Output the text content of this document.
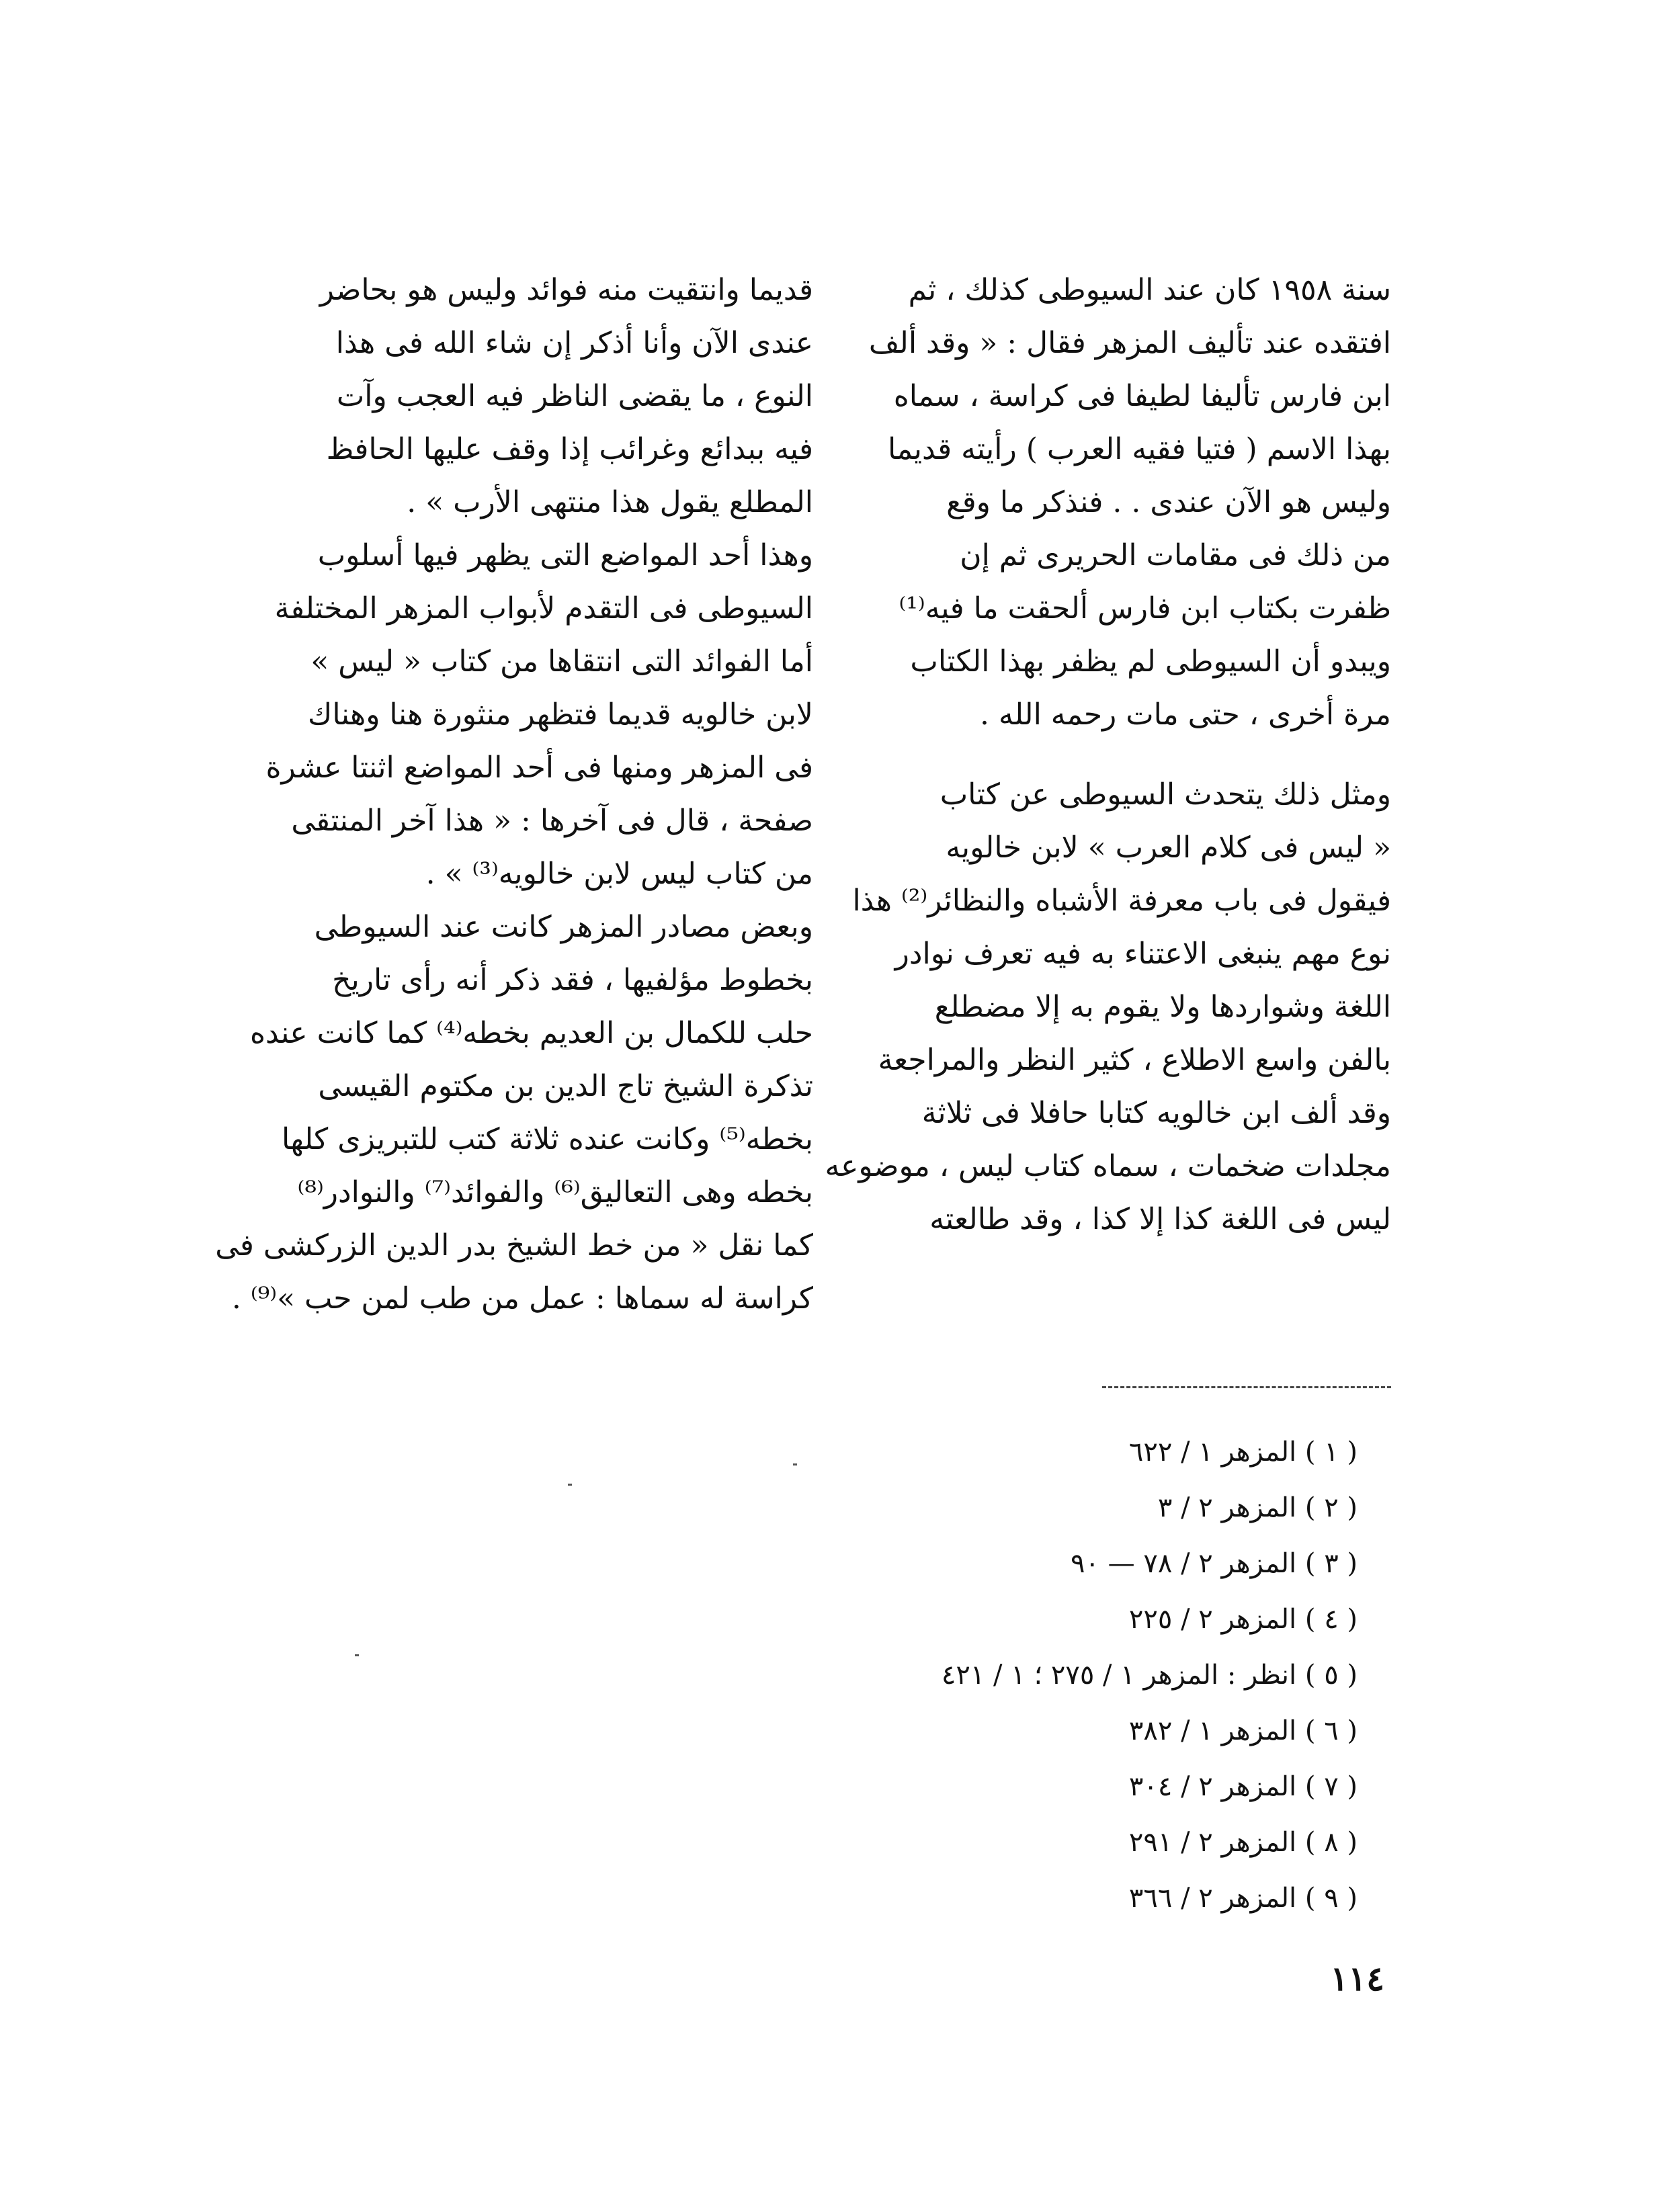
سنة ١٩٥٨ كان عند السيوطى كذلك ، ثم
افتقده عند تأليف المزهر فقال : « وقد ألف
ابن فارس تأليفا لطيفا فى كراسة ، سماه
بهذا الاسم ( فتيا فقيه العرب ) رأيته قديما
وليس هو الآن عندى . . فنذكر ما وقع
من ذلك فى مقامات الحريرى ثم إن
ظفرت بكتاب ابن فارس ألحقت ما فيه⁽¹⁾
ويبدو أن السيوطى لم يظفر بهذا الكتاب
مرة أخرى ، حتى مات رحمه الله .
ومثل ذلك يتحدث السيوطى عن كتاب
« ليس فى كلام العرب » لابن خالويه
فيقول فى باب معرفة الأشباه والنظائر⁽²⁾ هذا
نوع مهم ينبغى الاعتناء به فيه تعرف نوادر
اللغة وشواردها ولا يقوم به إلا مضطلع
بالفن واسع الاطلاع ، كثير النظر والمراجعة
وقد ألف ابن خالويه كتابا حافلا فى ثلاثة
مجلدات ضخمات ، سماه كتاب ليس ، موضوعه
ليس فى اللغة كذا إلا كذا ، وقد طالعته
قديما وانتقيت منه فوائد وليس هو بحاضر
عندى الآن وأنا أذكر إن شاء الله فى هذا
النوع ، ما يقضى الناظر فيه العجب وآت
فيه ببدائع وغرائب إذا وقف عليها الحافظ
المطلع يقول هذا منتهى الأرب » .
وهذا أحد المواضع التى يظهر فيها أسلوب
السيوطى فى التقدم لأبواب المزهر المختلفة
أما الفوائد التى انتقاها من كتاب « ليس »
لابن خالويه قديما فتظهر منثورة هنا وهناك
فى المزهر ومنها فى أحد المواضع اثنتا عشرة
صفحة ، قال فى آخرها : « هذا آخر المنتقى
من كتاب ليس لابن خالويه⁽³⁾ » .
وبعض مصادر المزهر كانت عند السيوطى
بخطوط مؤلفيها ، فقد ذكر أنه رأى تاريخ
حلب للكمال بن العديم بخطه⁽⁴⁾ كما كانت عنده
تذكرة الشيخ تاج الدين بن مكتوم القيسى
بخطه⁽⁵⁾ وكانت عنده ثلاثة كتب للتبريزى كلها
بخطه وهى التعاليق⁽⁶⁾ والفوائد⁽⁷⁾ والنوادر⁽⁸⁾
كما نقل « من خط الشيخ بدر الدين الزركشى فى
كراسة له سماها : عمل من طب لمن حب »⁽⁹⁾ .
( ١ ) المزهر ١ / ٦٢٢
( ٢ ) المزهر ٢ / ٣
( ٣ ) المزهر ٢ / ٧٨ — ٩٠
( ٤ ) المزهر ٢ / ٢٢٥
( ٥ ) انظر : المزهر ١ / ٢٧٥ ؛ ١ / ٤٢١
( ٦ ) المزهر ١ / ٣٨٢
( ٧ ) المزهر ٢ / ٣٠٤
( ٨ ) المزهر ٢ / ٢٩١
( ٩ ) المزهر ٢ / ٣٦٦
١١٤
